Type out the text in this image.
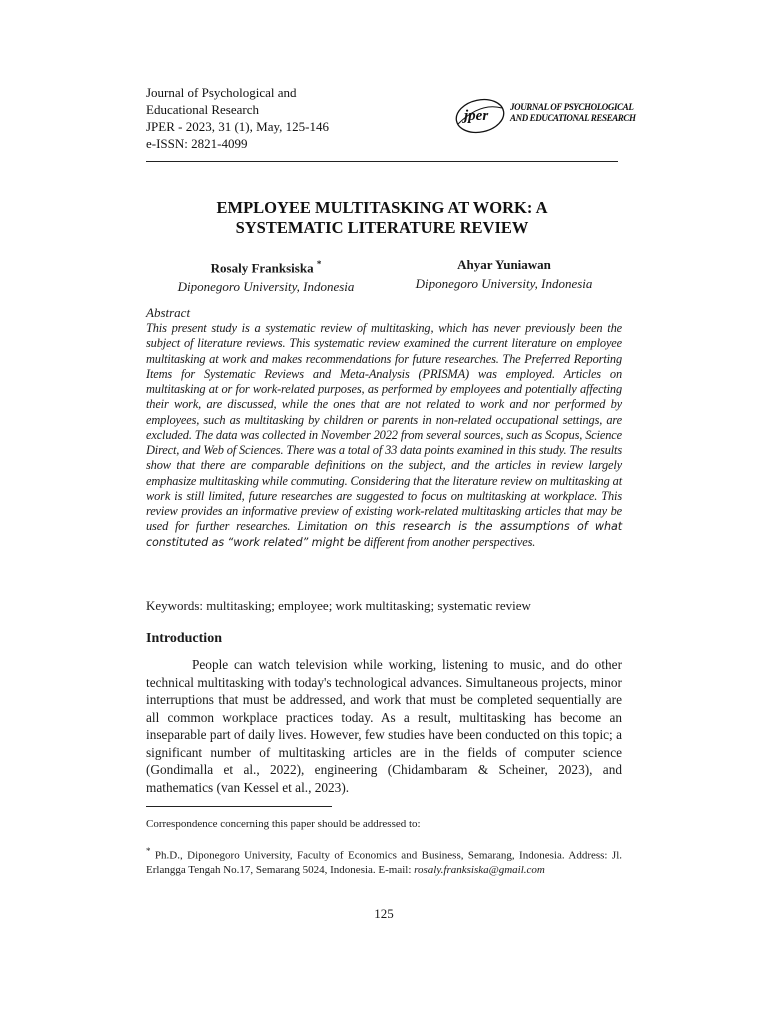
Journal of Psychological and
Educational Research
JPER - 2023, 31 (1), May, 125-146
e-ISSN: 2821-4099
jper
JOURNAL OF PSYCHOLOGICAL
AND EDUCATIONAL RESEARCH
EMPLOYEE MULTITASKING AT WORK: A
SYSTEMATIC LITERATURE REVIEW
Rosaly Franksiska *
Diponegoro University, Indonesia
Ahyar Yuniawan
Diponegoro University, Indonesia
Abstract
This present study is a systematic review of multitasking, which has never previously been the subject of literature reviews. This systematic review examined the current literature on employee multitasking at work and makes recommendations for future researches. The Preferred Reporting Items for Systematic Reviews and Meta-Analysis (PRISMA) was employed. Articles on multitasking at or for work-related purposes, as performed by employees and potentially affecting their work, are discussed, while the ones that are not related to work and nor performed by employees, such as multitasking by children or parents in non-related occupational settings, are excluded. The data was collected in November 2022 from several sources, such as Scopus, Science Direct, and Web of Sciences. There was a total of 33 data points examined in this study. The results show that there are comparable definitions on the subject, and the articles in review largely emphasize multitasking while commuting. Considering that the literature review on multitasking at work is still limited, future researches are suggested to focus on multitasking at workplace. This review provides an informative preview of existing work-related multitasking articles that may be used for further researches. Limitation on this research is the assumptions of what constituted as “work related” might be different from another perspectives.
Keywords: multitasking; employee; work multitasking; systematic review
Introduction
People can watch television while working, listening to music, and do other technical multitasking with today's technological advances. Simultaneous projects, minor interruptions that must be addressed, and work that must be completed sequentially are all common workplace practices today. As a result, multitasking has become an inseparable part of daily lives. However, few studies have been conducted on this topic; a significant number of multitasking articles are in the fields of computer science (Gondimalla et al., 2022), engineering (Chidambaram & Scheiner, 2023), and mathematics (van Kessel et al., 2023).
Correspondence concerning this paper should be addressed to:
* Ph.D., Diponegoro University, Faculty of Economics and Business, Semarang, Indonesia. Address: Jl. Erlangga Tengah No.17, Semarang 5024, Indonesia. E-mail: rosaly.franksiska@gmail.com
125
